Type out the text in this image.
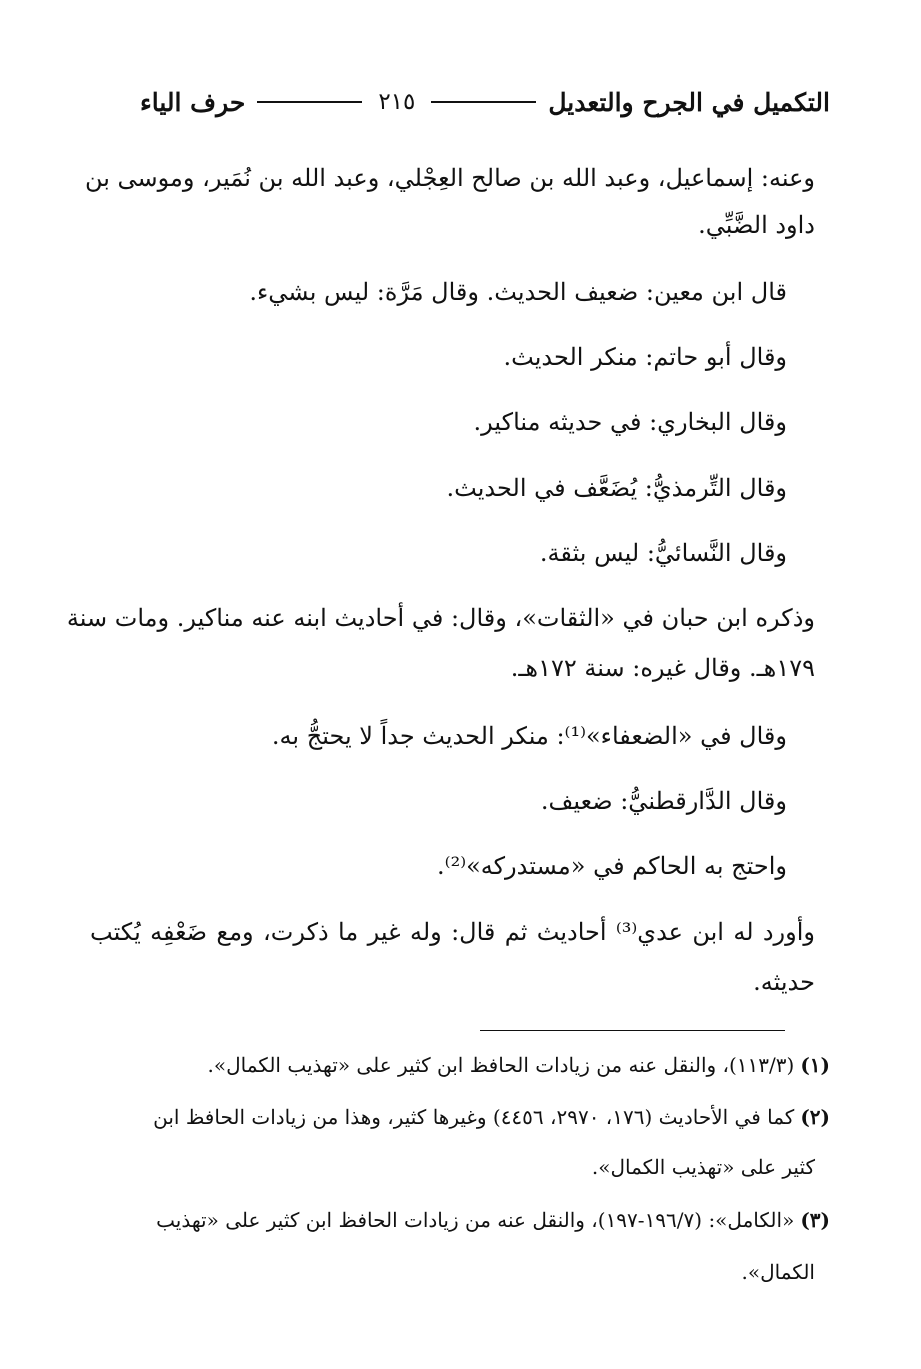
التكميل في الجرح والتعديل
٢١٥
حرف الياء
وعنه: إسماعيل، وعبد الله بن صالح العِجْلي، وعبد الله بن نُمَير، وموسى بن
داود الضَّبِّي.
قال ابن معين: ضعيف الحديث. وقال مَرَّة: ليس بشيء.
وقال أبو حاتم: منكر الحديث.
وقال البخاري: في حديثه مناكير.
وقال التِّرمذيُّ: يُضَعَّف في الحديث.
وقال النَّسائيُّ: ليس بثقة.
وذكره ابن حبان في «الثقات»، وقال: في أحاديث ابنه عنه مناكير. ومات سنة
١٧٩هـ. وقال غيره: سنة ١٧٢هـ.
وقال في «الضعفاء»⁽¹⁾: منكر الحديث جداً لا يحتجُّ به.
وقال الدَّارقطنيُّ: ضعيف.
واحتج به الحاكم في «مستدركه»⁽²⁾.
وأورد له ابن عدي⁽³⁾ أحاديث ثم قال: وله غير ما ذكرت، ومع ضَعْفِه يُكتب
حديثه.
(١)(١١٣/٣)، والنقل عنه من زيادات الحافظ ابن كثير على «تهذيب الكمال».
(٢)كما في الأحاديث (١٧٦، ٢٩٧٠، ٤٤٥٦) وغيرها كثير، وهذا من زيادات الحافظ ابن
كثير على «تهذيب الكمال».
(٣)«الكامل»: (١٩٦/٧-١٩٧)، والنقل عنه من زيادات الحافظ ابن كثير على «تهذيب
الكمال».
